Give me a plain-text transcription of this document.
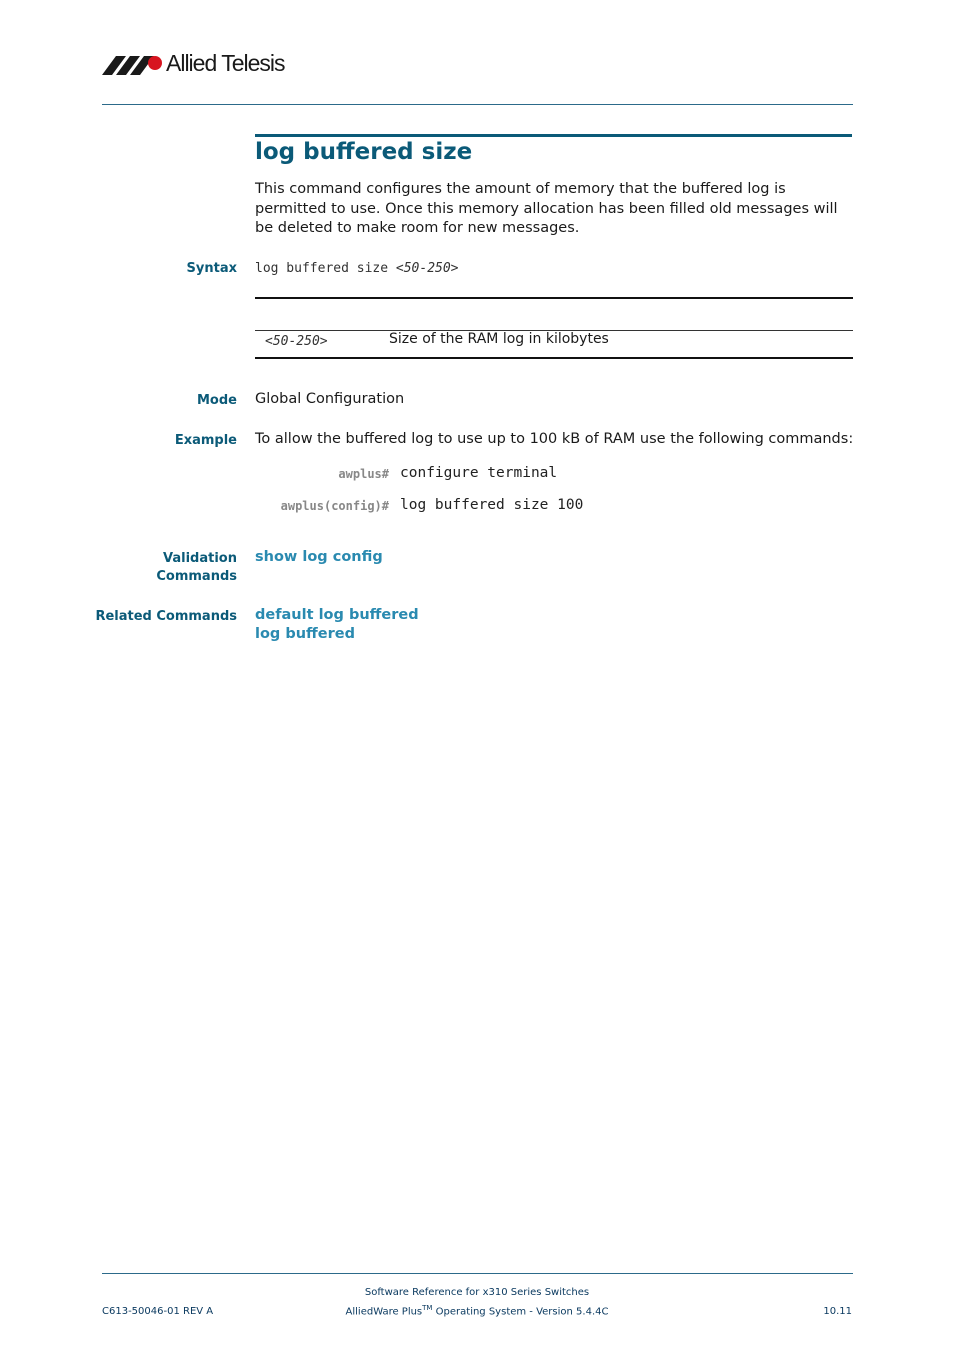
Allied Telesis
log buffered size
This command configures the amount of memory that the buffered log is permitted to use. Once this memory allocation has been filled old messages will be deleted to make room for new messages.
Syntax log buffered size <50-250>
<50-250>	Size of the RAM log in kilobytes
Mode Global Configuration
Example To allow the buffered log to use up to 100 kB of RAM use the following commands:
awplus# configure terminal
awplus(config)# log buffered size 100
Validation
Commands
show log config
Related Commands default log buffered
log buffered
C613-50046-01 REV A
Software Reference for x310 Series Switches
AlliedWare Plus™ Operating System - Version 5.4.4C	10.11
